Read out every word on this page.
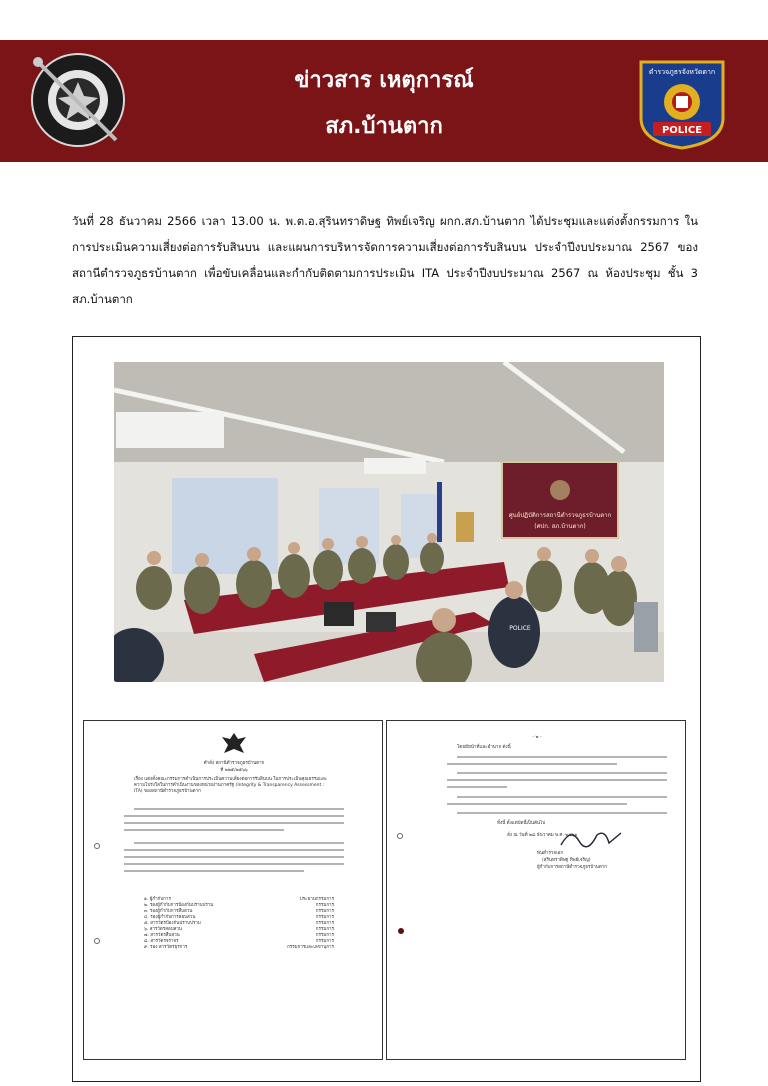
ข่าวสาร เหตุการณ์
สภ.บ้านตาก
ตำรวจภูธรจังหวัดตาก
POLICE
วันที่ 28 ธันวาคม 2566 เวลา 13.00 น. พ.ต.อ.สุรินทราดิษฐ ทิพย์เจริญ ผกก.สภ.บ้านตาก ได้ประชุมและแต่งตั้งกรรมการ ในการประเมินความเสี่ยงต่อการรับสินบน และแผนการบริหารจัดการความเสี่ยงต่อการรับสินบน ประจำปีงบประมาณ 2567 ของสถานีตำรวจภูธรบ้านตาก เพื่อขับเคลื่อนและกำกับติดตามการประเมิน ITA ประจำปีงบประมาณ 2567 ณ ห้องประชุม ชั้น 3 สภ.บ้านตาก
ศูนย์ปฏิบัติการสถานีตำรวจภูธรบ้านตาก
(ศปก. สภ.บ้านตาก)
POLICE
คำสั่ง สถานีตำรวจภูธรบ้านตาก
ที่ ๒๒๕/๒๕๖๖
เรื่อง แต่งตั้งคณะกรรมการดำเนินการประเมินความเสี่ยงต่อการรับสินบน ในการประเมินคุณธรรมและความโปร่งใสในการดำเนินงานของหน่วยงานภาครัฐ (Integrity & Transparency Assessment : ITA) ของสถานีตำรวจภูธรบ้านตาก
๑. ผู้กำกับการ	ประธานกรรมการ
๒. รองผู้กำกับการป้องกันปราบปราม	กรรมการ
๓. รองผู้กำกับการสืบสวน	กรรมการ
๔. รองผู้กำกับการสอบสวน	กรรมการ
๕. สารวัตรป้องกันปราบปราม	กรรมการ
๖. สารวัตรสอบสวน	กรรมการ
๗. สารวัตรสืบสวน	กรรมการ
๘. สารวัตรจราจร	กรรมการ
๙. รอง สารวัตรธุรการ	กรรมการและเลขานุการ
- ๒ -
โดยมีหน้าที่และอำนาจ ดังนี้
ทั้งนี้ ตั้งแต่บัดนี้เป็นต้นไป
สั่ง ณ วันที่ ๒๘ ธันวาคม พ.ศ. ๒๕๖๖
พันตำรวจเอก
(สุรินทราดิษฐ ทิพย์เจริญ)
ผู้กำกับการสถานีตำรวจภูธรบ้านตาก
